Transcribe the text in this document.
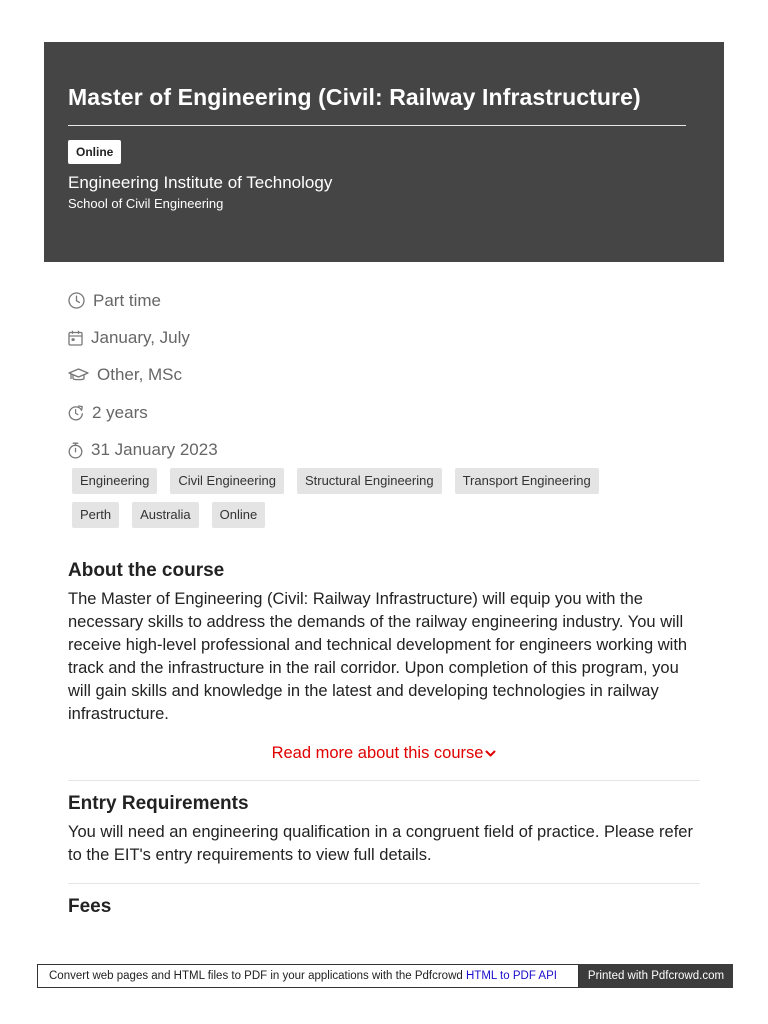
Master of Engineering (Civil: Railway Infrastructure)
Online
Engineering Institute of Technology
School of Civil Engineering
Part time
January, July
Other, MSc
2 years
31 January 2023
Engineering	Civil Engineering	Structural Engineering	Transport Engineering
Perth	Australia	Online
About the course

The Master of Engineering (Civil: Railway Infrastructure) will equip you with the necessary skills to address the demands of the railway engineering industry. You will receive high-level professional and technical development for engineers working with track and the infrastructure in the rail corridor. Upon completion of this program, you will gain skills and knowledge in the latest and developing technologies in railway infrastructure.

Read more about this course
Entry Requirements

You will need an engineering qualification in a congruent field of practice. Please refer to the EIT's entry requirements to view full details.

Fees
Convert web pages and HTML files to PDF in your applications with the Pdfcrowd HTML to PDF API	Printed with Pdfcrowd.com
